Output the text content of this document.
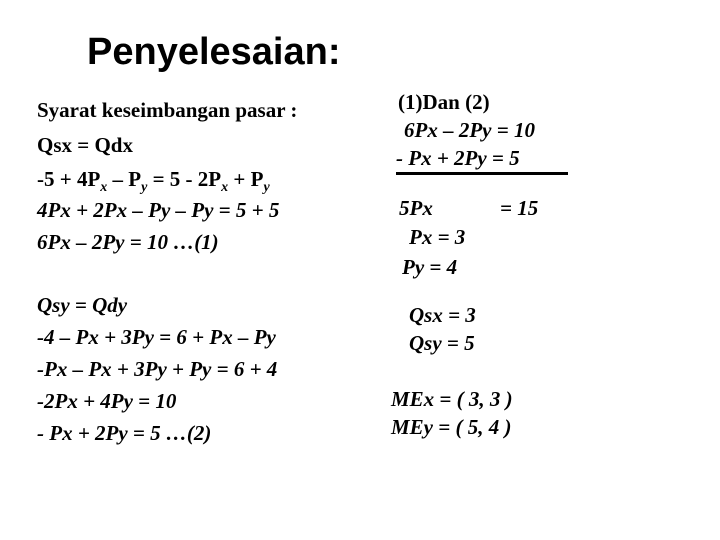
Penyelesaian:
Syarat keseimbangan pasar :
Qsx = Qdx
$-5 + 4P_x - P_y = 5 - 2P_x + P_y$
4Px + 2Px – Py – Py = 5 + 5
6Px – 2Py = 10 …(1)
Qsy = Qdy
-4 – Px + 3Py = 6 + Px – Py
-Px – Px + 3Py + Py = 6 + 4
-2Px + 4Py = 10
- Px + 2Py = 5 …(2)
(1)Dan (2)
6Px – 2Py = 10
- Px + 2Py = 5
5Px	= 15
Px = 3
Py = 4
Qsx = 3
Qsy = 5
MEx = ( 3, 3 )
MEy = ( 5, 4 )
